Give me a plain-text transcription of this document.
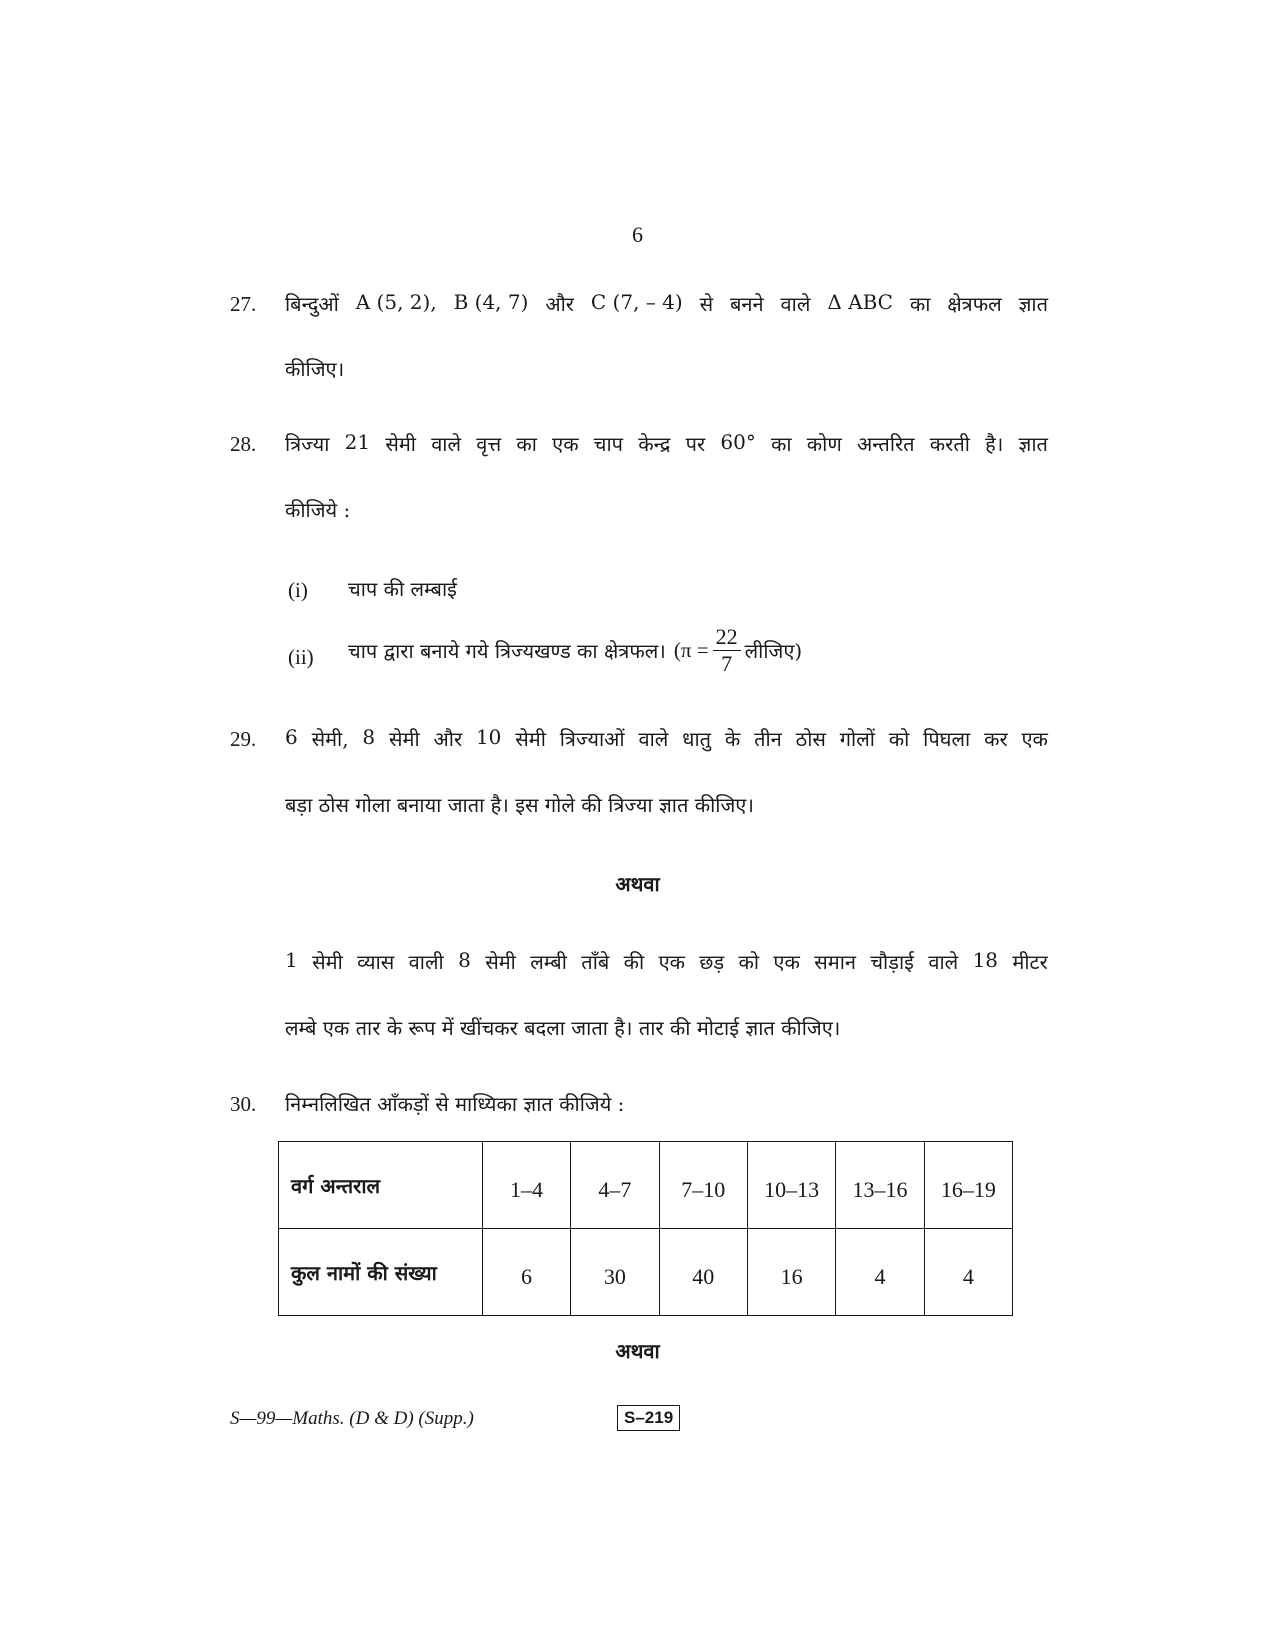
6
27. बिन्दुओं A (5, 2), B (4, 7) और C (7, – 4) से बनने वाले Δ ABC का क्षेत्रफल ज्ञात
कीजिए।
28. त्रिज्या 21 सेमी वाले वृत्त का एक चाप केन्द्र पर 60° का कोण अन्तरित करती है। ज्ञात
कीजिये :
(i) चाप की लम्बाई
(ii) चाप द्वारा बनाये गये त्रिज्यखण्ड का क्षेत्रफल। ($\pi = \frac{22}{7}$ लीजिए)
29. 6 सेमी, 8 सेमी और 10 सेमी त्रिज्याओं वाले धातु के तीन ठोस गोलों को पिघला कर एक
बड़ा ठोस गोला बनाया जाता है। इस गोले की त्रिज्या ज्ञात कीजिए।
अथवा
1 सेमी व्यास वाली 8 सेमी लम्बी ताँबे की एक छड़ को एक समान चौड़ाई वाले 18 मीटर
लम्बे एक तार के रूप में खींचकर बदला जाता है। तार की मोटाई ज्ञात कीजिए।
30. निम्नलिखित आँकड़ों से माध्यिका ज्ञात कीजिये :
वर्ग अन्तराल	1–4	4–7	7–10	10–13	13–16	16–19
कुल नामों की संख्या	6	30	40	16	4	4
अथवा
S—99—Maths. (D & D) (Supp.)	S–219
